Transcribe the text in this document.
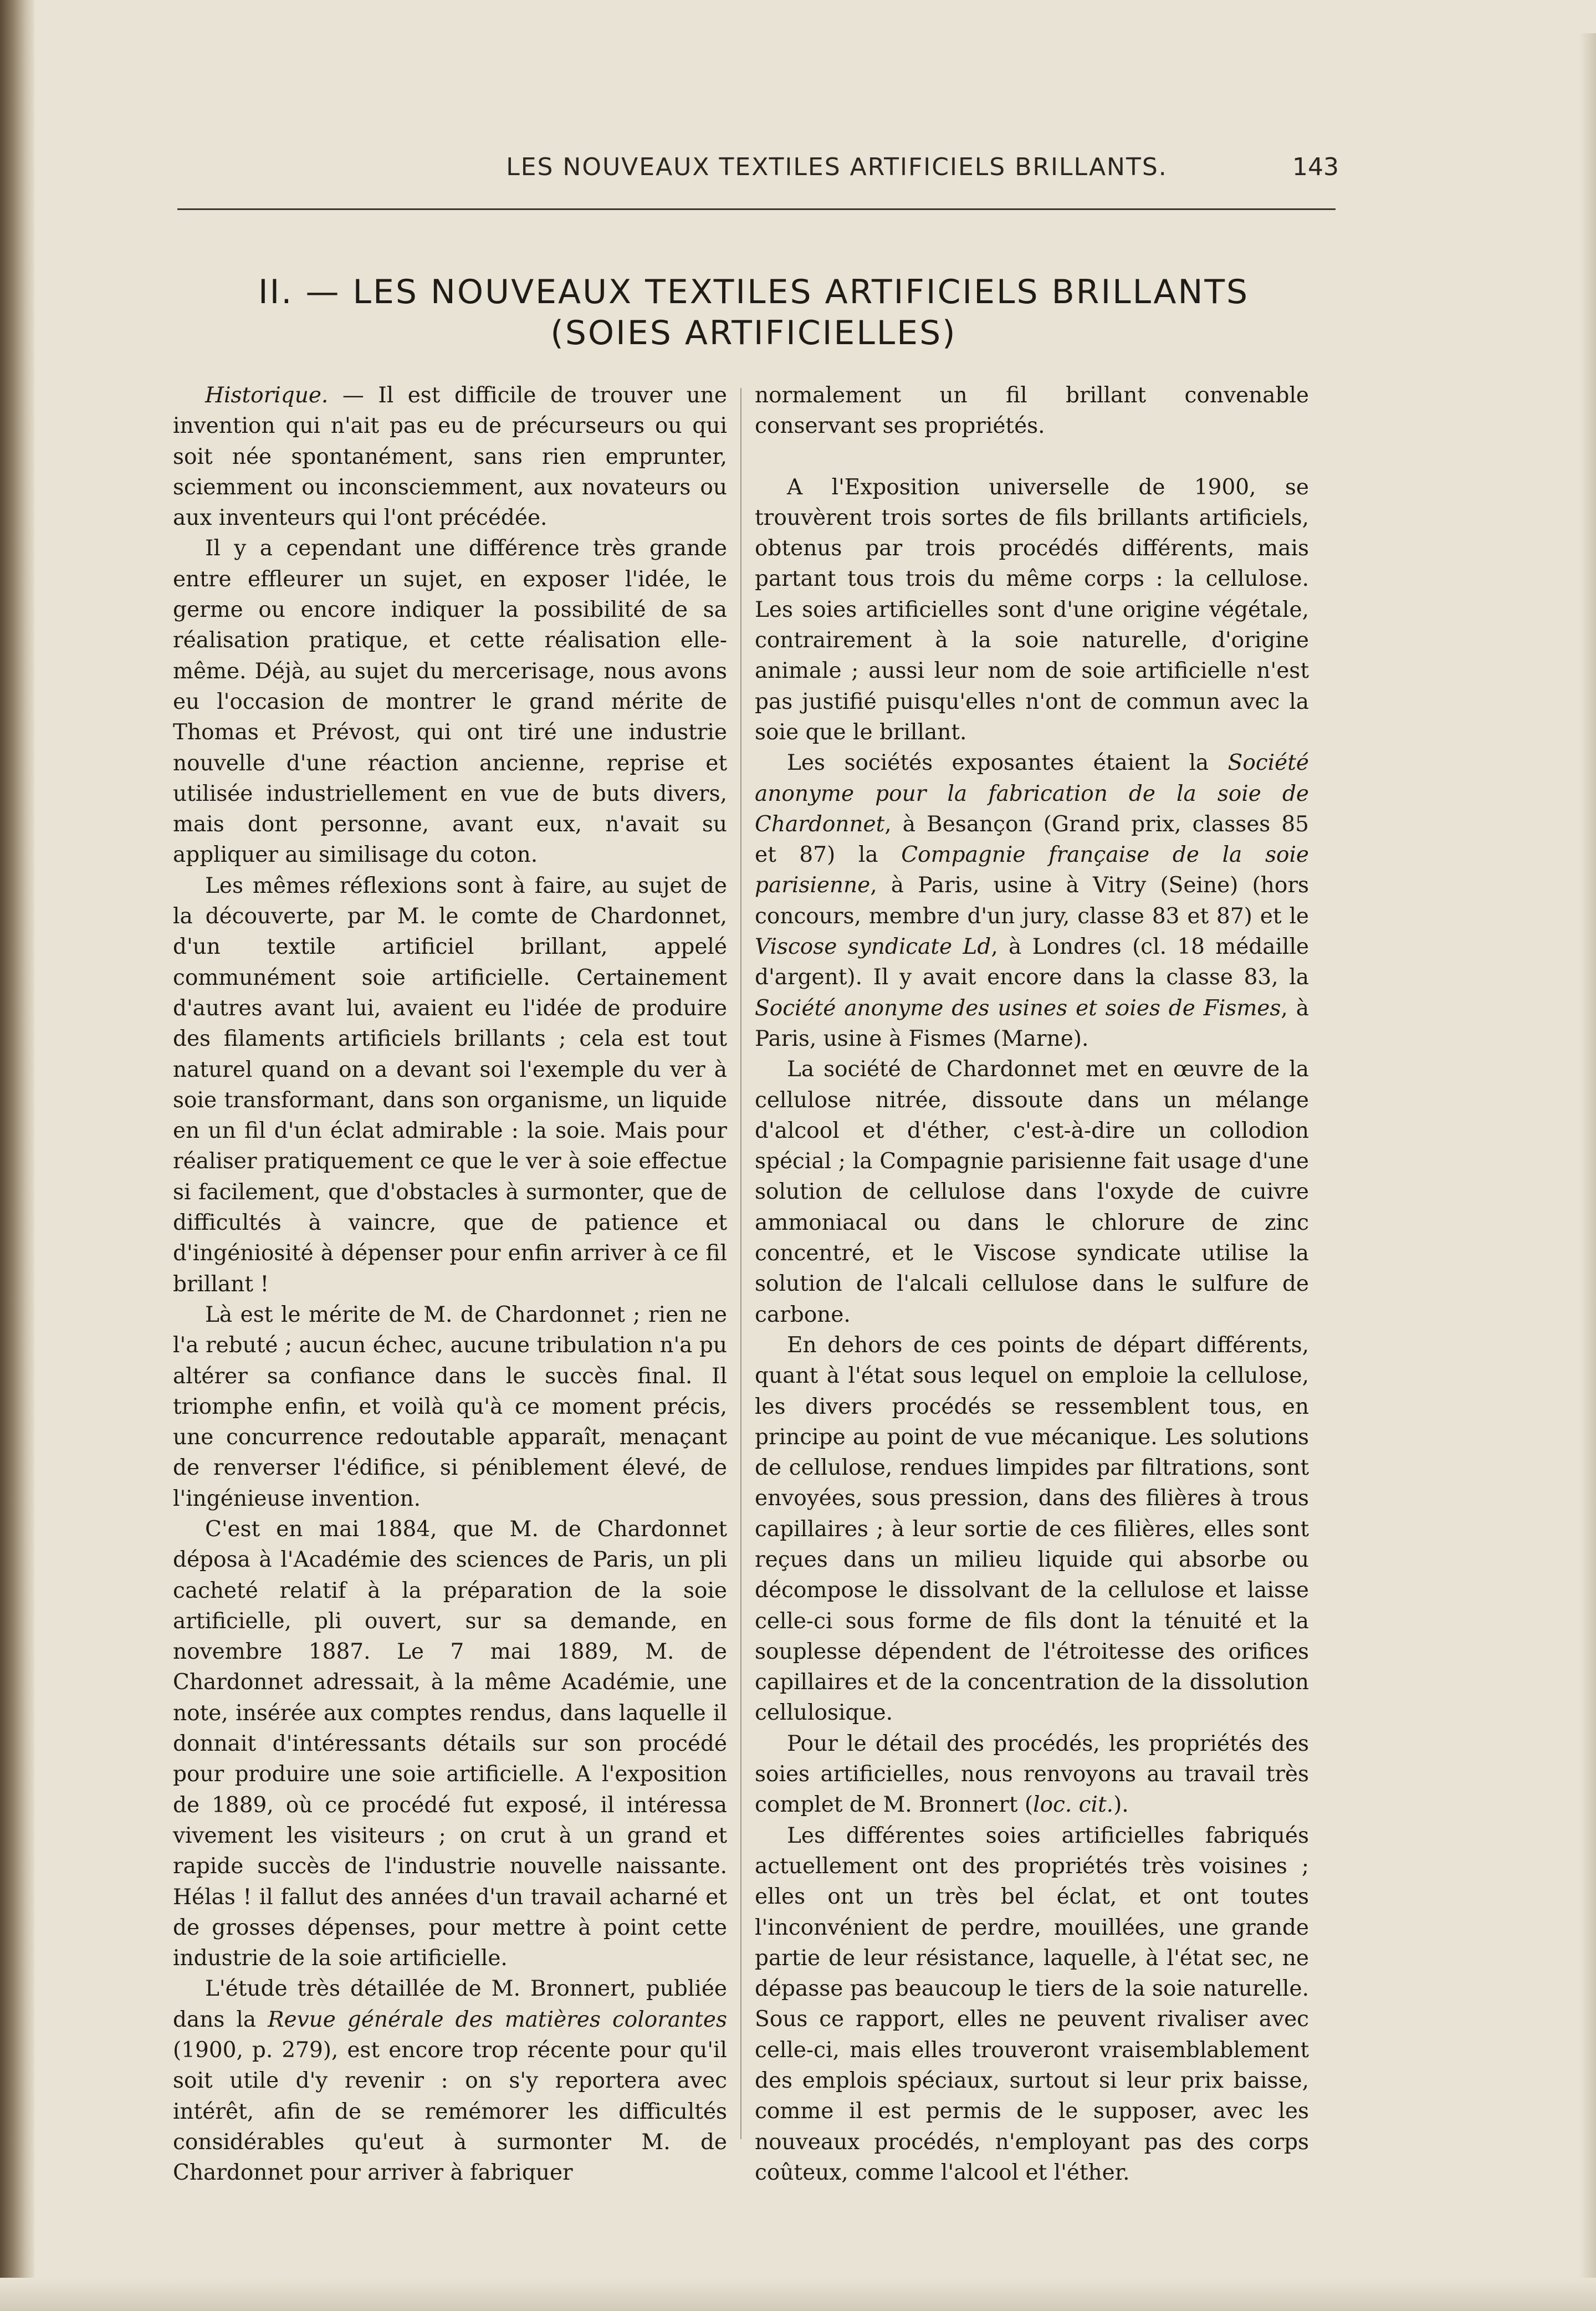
LES NOUVEAUX TEXTILES ARTIFICIELS BRILLANTS.	143
II. — LES NOUVEAUX TEXTILES ARTIFICIELS BRILLANTS
(SOIES ARTIFICIELLES)

Historique. — Il est difficile de trouver une invention qui n'ait pas eu de précurseurs ou qui soit née spontanément, sans rien emprunter, sciemment ou inconsciemment, aux novateurs ou aux inventeurs qui l'ont précédée.

Il y a cependant une différence très grande entre effleurer un sujet, en exposer l'idée, le germe ou encore indiquer la possibilité de sa réalisation pratique, et cette réalisation elle-même. Déjà, au sujet du mercerisage, nous avons eu l'occasion de montrer le grand mérite de Thomas et Prévost, qui ont tiré une industrie nouvelle d'une réaction ancienne, reprise et utilisée industriellement en vue de buts divers, mais dont personne, avant eux, n'avait su appliquer au similisage du coton.

Les mêmes réflexions sont à faire, au sujet de la découverte, par M. le comte de Chardonnet, d'un textile artificiel brillant, appelé communément soie artificielle. Certainement d'autres avant lui, avaient eu l'idée de produire des filaments artificiels brillants ; cela est tout naturel quand on a devant soi l'exemple du ver à soie transformant, dans son organisme, un liquide en un fil d'un éclat admirable : la soie. Mais pour réaliser pratiquement ce que le ver à soie effectue si facilement, que d'obstacles à surmonter, que de difficultés à vaincre, que de patience et d'ingéniosité à dépenser pour enfin arriver à ce fil brillant !

Là est le mérite de M. de Chardonnet ; rien ne l'a rebuté ; aucun échec, aucune tribulation n'a pu altérer sa confiance dans le succès final. Il triomphe enfin, et voilà qu'à ce moment précis, une concurrence redoutable apparaît, menaçant de renverser l'édifice, si péniblement élevé, de l'ingénieuse invention.

C'est en mai 1884, que M. de Chardonnet déposa à l'Académie des sciences de Paris, un pli cacheté relatif à la préparation de la soie artificielle, pli ouvert, sur sa demande, en novembre 1887. Le 7 mai 1889, M. de Chardonnet adressait, à la même Académie, une note, insérée aux comptes rendus, dans laquelle il donnait d'intéressants détails sur son procédé pour produire une soie artificielle. A l'exposition de 1889, où ce procédé fut exposé, il intéressa vivement les visiteurs ; on crut à un grand et rapide succès de l'industrie nouvelle naissante. Hélas ! il fallut des années d'un travail acharné et de grosses dépenses, pour mettre à point cette industrie de la soie artificielle.

L'étude très détaillée de M. Bronnert, publiée dans la Revue générale des matières colorantes (1900, p. 279), est encore trop récente pour qu'il soit utile d'y revenir : on s'y reportera avec intérêt, afin de se remémorer les difficultés considérables qu'eut à surmonter M. de Chardonnet pour arriver à fabriquer

normalement un fil brillant convenable conservant ses propriétés.

A l'Exposition universelle de 1900, se trouvèrent trois sortes de fils brillants artificiels, obtenus par trois procédés différents, mais partant tous trois du même corps : la cellulose. Les soies artificielles sont d'une origine végétale, contrairement à la soie naturelle, d'origine animale ; aussi leur nom de soie artificielle n'est pas justifié puisqu'elles n'ont de commun avec la soie que le brillant.

Les sociétés exposantes étaient la Société anonyme pour la fabrication de la soie de Chardonnet, à Besançon (Grand prix, classes 85 et 87) la Compagnie française de la soie parisienne, à Paris, usine à Vitry (Seine) (hors concours, membre d'un jury, classe 83 et 87) et le Viscose syndicate Ld, à Londres (cl. 18 médaille d'argent). Il y avait encore dans la classe 83, la Société anonyme des usines et soies de Fismes, à Paris, usine à Fismes (Marne).

La société de Chardonnet met en œuvre de la cellulose nitrée, dissoute dans un mélange d'alcool et d'éther, c'est-à-dire un collodion spécial ; la Compagnie parisienne fait usage d'une solution de cellulose dans l'oxyde de cuivre ammoniacal ou dans le chlorure de zinc concentré, et le Viscose syndicate utilise la solution de l'alcali cellulose dans le sulfure de carbone.

En dehors de ces points de départ différents, quant à l'état sous lequel on emploie la cellulose, les divers procédés se ressemblent tous, en principe au point de vue mécanique. Les solutions de cellulose, rendues limpides par filtrations, sont envoyées, sous pression, dans des filières à trous capillaires ; à leur sortie de ces filières, elles sont reçues dans un milieu liquide qui absorbe ou décompose le dissolvant de la cellulose et laisse celle-ci sous forme de fils dont la ténuité et la souplesse dépendent de l'étroitesse des orifices capillaires et de la concentration de la dissolution cellulosique.

Pour le détail des procédés, les propriétés des soies artificielles, nous renvoyons au travail très complet de M. Bronnert (loc. cit.).

Les différentes soies artificielles fabriqués actuellement ont des propriétés très voisines ; elles ont un très bel éclat, et ont toutes l'inconvénient de perdre, mouillées, une grande partie de leur résistance, laquelle, à l'état sec, ne dépasse pas beaucoup le tiers de la soie naturelle. Sous ce rapport, elles ne peuvent rivaliser avec celle-ci, mais elles trouveront vraisemblablement des emplois spéciaux, surtout si leur prix baisse, comme il est permis de le supposer, avec les nouveaux procédés, n'employant pas des corps coûteux, comme l'alcool et l'éther.
